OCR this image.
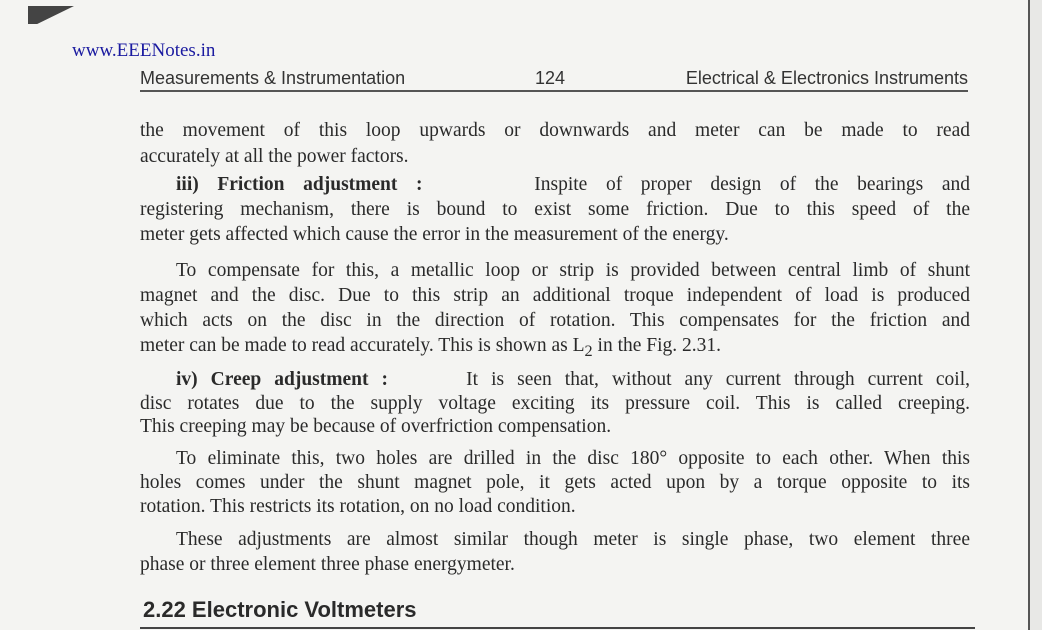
Measurements & Instrumentation	124	Electrical & Electronics Instruments
www.EEENotes.in
the movement of this loop upwards or downwards and meter can be made to read
accurately at all the power factors.
iii) Friction adjustment :	Inspite of proper design of the bearings and
registering mechanism, there is bound to exist some friction. Due to this speed of the
meter gets affected which cause the error in the measurement of the energy.
To compensate for this, a metallic loop or strip is provided between central limb of shunt
magnet and the disc. Due to this strip an additional troque independent of load is produced
which acts on the disc in the direction of rotation. This compensates for the friction and
meter can be made to read accurately. This is shown as $L_2$ in the Fig. 2.31.
iv) Creep adjustment :	It is seen that, without any current through current coil,
disc rotates due to the supply voltage exciting its pressure coil. This is called creeping.
This creeping may be because of overfriction compensation.
To eliminate this, two holes are drilled in the disc 180° opposite to each other. When this
holes comes under the shunt magnet pole, it gets acted upon by a torque opposite to its
rotation. This restricts its rotation, on no load condition.
These adjustments are almost similar though meter is single phase, two element three
phase or three element three phase energymeter.
2.22 Electronic Voltmeters
